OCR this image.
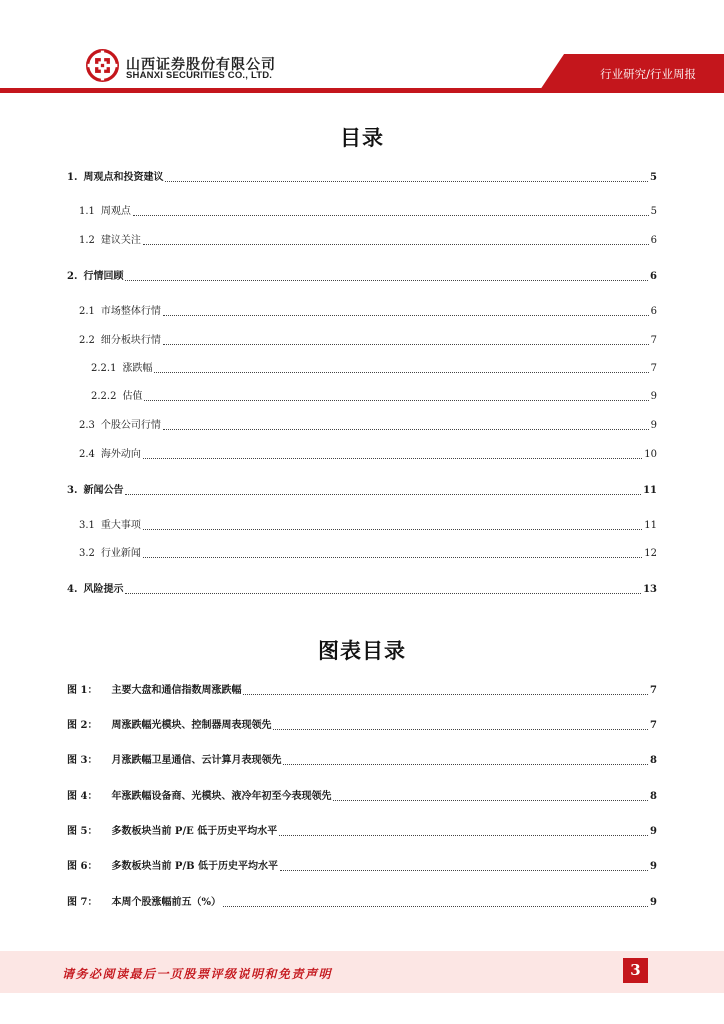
山西证券股份有限公司
SHANXI SECURITIES CO., LTD.	行业研究/行业周报
目录
1. 周观点和投资建议	5
1.1 周观点	5
1.2 建议关注	6
2. 行情回顾	6
2.1 市场整体行情	6
2.2 细分板块行情	7
2.2.1 涨跌幅	7
2.2.2 估值	9
2.3 个股公司行情	9
2.4 海外动向	10
3. 新闻公告	11
3.1 重大事项	11
3.2 行业新闻	12
4. 风险提示	13
图表目录
图 1： 主要大盘和通信指数周涨跌幅	7
图 2： 周涨跌幅光模块、控制器周表现领先	7
图 3： 月涨跌幅卫星通信、云计算月表现领先	8
图 4： 年涨跌幅设备商、光模块、液冷年初至今表现领先	8
图 5： 多数板块当前 P/E 低于历史平均水平	9
图 6： 多数板块当前 P/B 低于历史平均水平	9
图 7： 本周个股涨幅前五（%）	9
请务必阅读最后一页股票评级说明和免责声明	3
